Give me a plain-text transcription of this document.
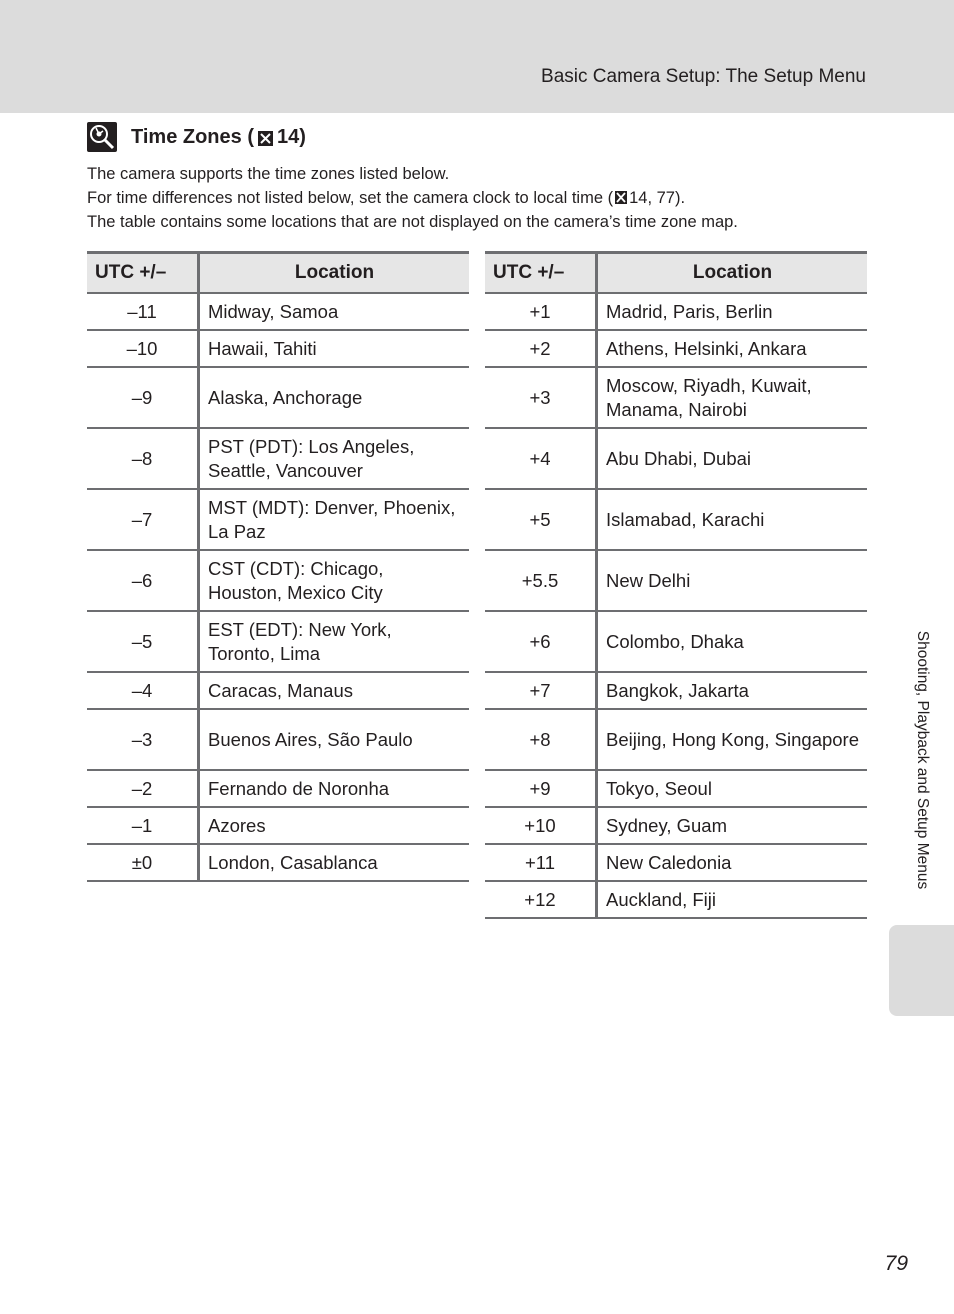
Basic Camera Setup: The Setup Menu
Time Zones ( 14)

The camera supports the time zones listed below.

For time differences not listed below, set the camera clock to local time ( 14, 77).

The table contains some locations that are not displayed on the camera’s time zone map.

UTC +/–	Location
–11	Midway, Samoa
–10	Hawaii, Tahiti
–9	Alaska, Anchorage
–8	PST (PDT): Los Angeles, Seattle, Vancouver
–7	MST (MDT): Denver, Phoenix, La Paz
–6	CST (CDT): Chicago, Houston, Mexico City
–5	EST (EDT): New York, Toronto, Lima
–4	Caracas, Manaus
–3	Buenos Aires, São Paulo
–2	Fernando de Noronha
–1	Azores
±0	London, Casablanca
UTC +/–	Location
+1	Madrid, Paris, Berlin
+2	Athens, Helsinki, Ankara
+3	Moscow, Riyadh, Kuwait, Manama, Nairobi
+4	Abu Dhabi, Dubai
+5	Islamabad, Karachi
+5.5	New Delhi
+6	Colombo, Dhaka
+7	Bangkok, Jakarta
+8	Beijing, Hong Kong, Singapore
+9	Tokyo, Seoul
+10	Sydney, Guam
+11	New Caledonia
+12	Auckland, Fiji
Shooting, Playback and Setup Menus
79
